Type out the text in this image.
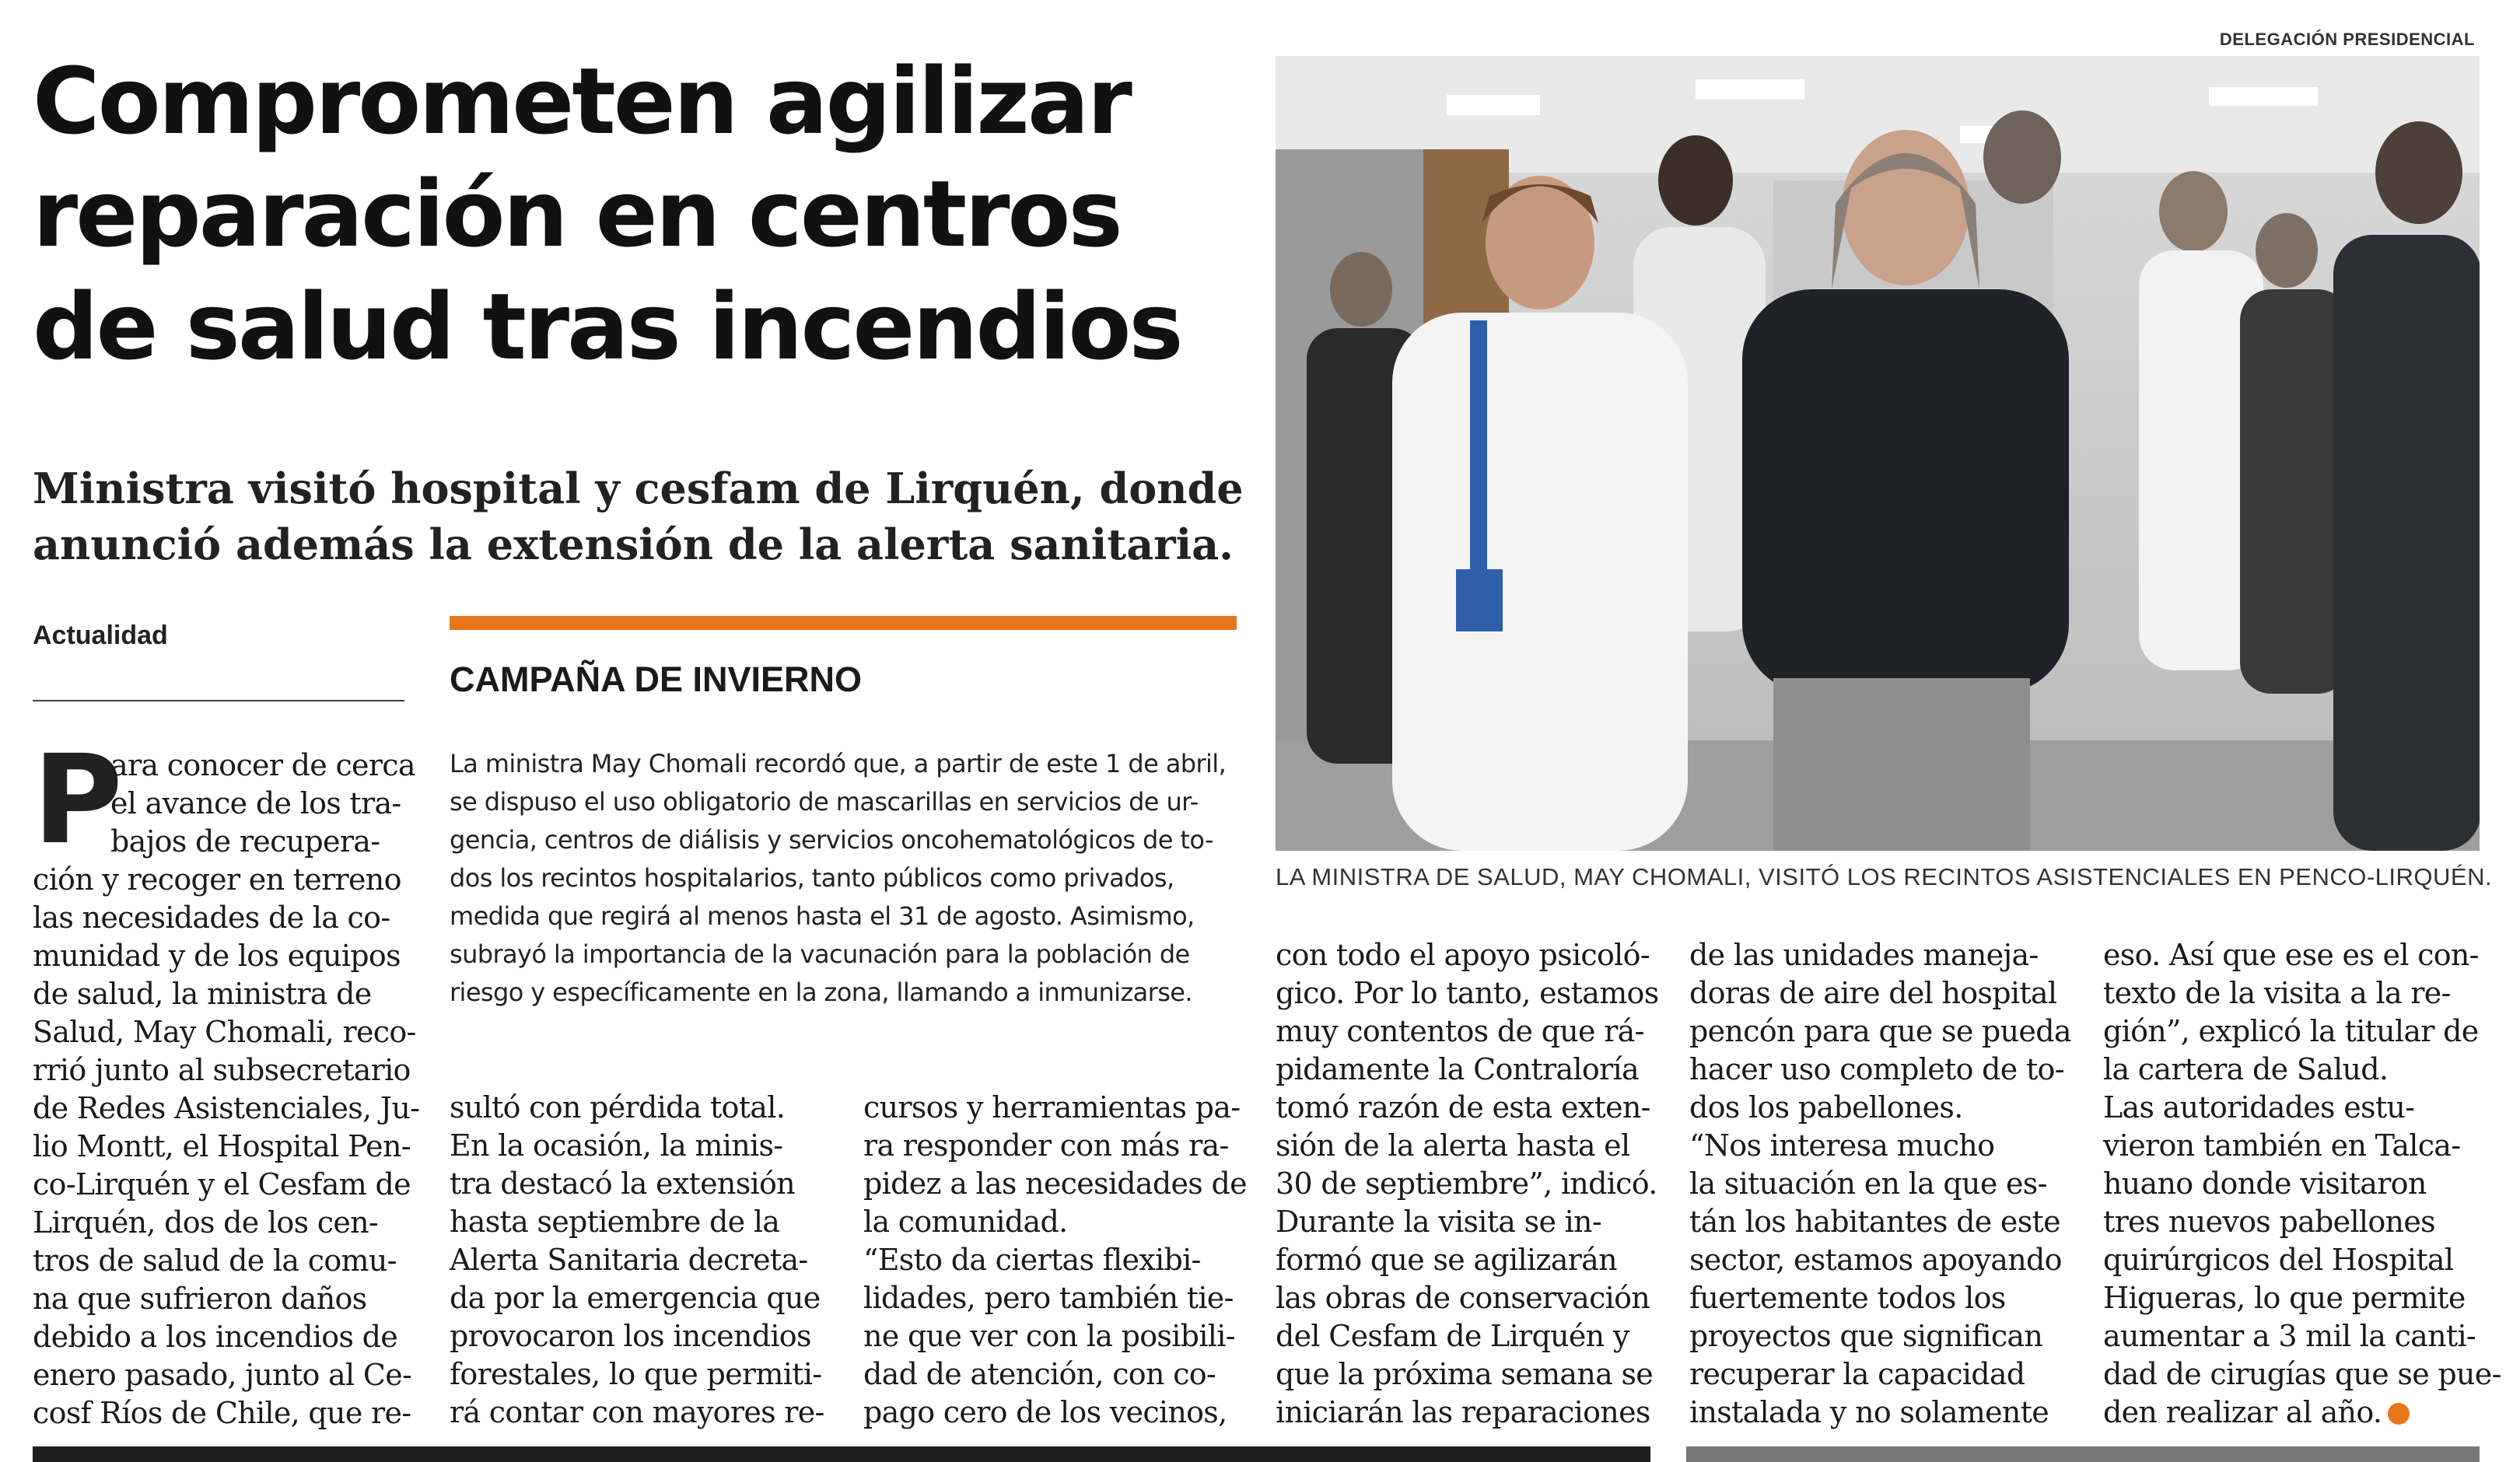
DELEGACIÓN PRESIDENCIAL
Comprometen agilizar
reparación en centros
de salud tras incendios
Ministra visitó hospital y cesfam de Lirquén, donde
anunció además la extensión de la alerta sanitaria.
Actualidad
CAMPAÑA DE INVIERNO
La ministra May Chomali recordó que, a partir de este 1 de abril,
se dispuso el uso obligatorio de mascarillas en servicios de ur-
gencia, centros de diálisis y servicios oncohematológicos de to-
dos los recintos hospitalarios, tanto públicos como privados,
medida que regirá al menos hasta el 31 de agosto. Asimismo,
subrayó la importancia de la vacunación para la población de
riesgo y específicamente en la zona, llamando a inmunizarse.
LA MINISTRA DE SALUD, MAY CHOMALI, VISITÓ LOS RECINTOS ASISTENCIALES EN PENCO-LIRQUÉN.
P
ara conocer de cerca
el avance de los tra-
bajos de recupera-
ción y recoger en terreno
las necesidades de la co-
munidad y de los equipos
de salud, la ministra de
Salud, May Chomali, reco-
rrió junto al subsecretario
de Redes Asistenciales, Ju-
lio Montt, el Hospital Pen-
co-Lirquén y el Cesfam de
Lirquén, dos de los cen-
tros de salud de la comu-
na que sufrieron daños
debido a los incendios de
enero pasado, junto al Ce-
cosf Ríos de Chile, que re-
sultó con pérdida total.
En la ocasión, la minis-
tra destacó la extensión
hasta septiembre de la
Alerta Sanitaria decreta-
da por la emergencia que
provocaron los incendios
forestales, lo que permiti-
rá contar con mayores re-
cursos y herramientas pa-
ra responder con más ra-
pidez a las necesidades de
la comunidad.
“Esto da ciertas flexibi-
lidades, pero también tie-
ne que ver con la posibili-
dad de atención, con co-
pago cero de los vecinos,
con todo el apoyo psicoló-
gico. Por lo tanto, estamos
muy contentos de que rá-
pidamente la Contraloría
tomó razón de esta exten-
sión de la alerta hasta el
30 de septiembre”, indicó.
Durante la visita se in-
formó que se agilizarán
las obras de conservación
del Cesfam de Lirquén y
que la próxima semana se
iniciarán las reparaciones
de las unidades maneja-
doras de aire del hospital
pencón para que se pueda
hacer uso completo de to-
dos los pabellones.
“Nos interesa mucho
la situación en la que es-
tán los habitantes de este
sector, estamos apoyando
fuertemente todos los
proyectos que significan
recuperar la capacidad
instalada y no solamente
eso. Así que ese es el con-
texto de la visita a la re-
gión”, explicó la titular de
la cartera de Salud.
Las autoridades estu-
vieron también en Talca-
huano donde visitaron
tres nuevos pabellones
quirúrgicos del Hospital
Higueras, lo que permite
aumentar a 3 mil la canti-
dad de cirugías que se pue-
den realizar al año.
